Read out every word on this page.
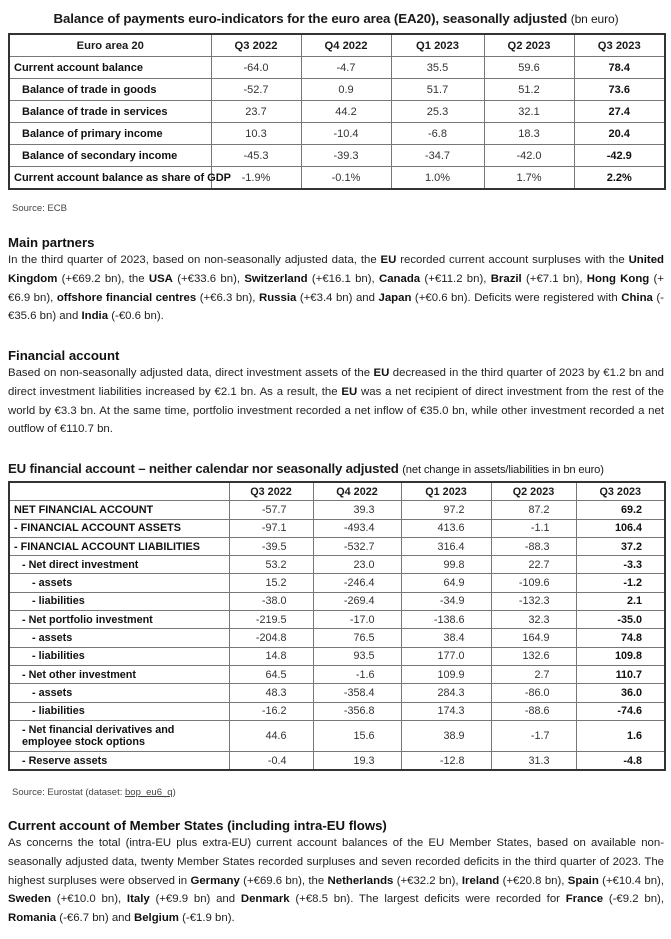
Balance of payments euro-indicators for the euro area (EA20), seasonally adjusted (bn euro)
Euro area 20	Q3 2022	Q4 2022	Q1 2023	Q2 2023	Q3 2023
Current account balance	-64.0	-4.7	35.5	59.6	78.4
Balance of trade in goods	-52.7	0.9	51.7	51.2	73.6
Balance of trade in services	23.7	44.2	25.3	32.1	27.4
Balance of primary income	10.3	-10.4	-6.8	18.3	20.4
Balance of secondary income	-45.3	-39.3	-34.7	-42.0	-42.9
Current account balance as share of GDP	-1.9%	-0.1%	1.0%	1.7%	2.2%
Source: ECB
Main partners

In the third quarter of 2023, based on non-seasonally adjusted data, the EU recorded current account surpluses with the United Kingdom (+€69.2 bn), the USA (+€33.6 bn), Switzerland (+€16.1 bn), Canada (+€11.2 bn), Brazil (+€7.1 bn), Hong Kong (+€6.9 bn), offshore financial centres (+€6.3 bn), Russia (+€3.4 bn) and Japan (+€0.6 bn). Deficits were registered with China (-€35.6 bn) and India (-€0.6 bn).

Financial account

Based on non-seasonally adjusted data, direct investment assets of the EU decreased in the third quarter of 2023 by €1.2 bn and direct investment liabilities increased by €2.1 bn. As a result, the EU was a net recipient of direct investment from the rest of the world by €3.3 bn. At the same time, portfolio investment recorded a net inflow of €35.0 bn, while other investment recorded a net outflow of €110.7 bn.

EU financial account – neither calendar nor seasonally adjusted (net change in assets/liabilities in bn euro)
	Q3 2022	Q4 2022	Q1 2023	Q2 2023	Q3 2023
NET FINANCIAL ACCOUNT	-57.7	39.3	97.2	87.2	69.2
- FINANCIAL ACCOUNT ASSETS	-97.1	-493.4	413.6	-1.1	106.4
- FINANCIAL ACCOUNT LIABILITIES	-39.5	-532.7	316.4	-88.3	37.2
- Net direct investment	53.2	23.0	99.8	22.7	-3.3
- assets	15.2	-246.4	64.9	-109.6	-1.2
- liabilities	-38.0	-269.4	-34.9	-132.3	2.1
- Net portfolio investment	-219.5	-17.0	-138.6	32.3	-35.0
- assets	-204.8	76.5	38.4	164.9	74.8
- liabilities	14.8	93.5	177.0	132.6	109.8
- Net other investment	64.5	-1.6	109.9	2.7	110.7
- assets	48.3	-358.4	284.3	-86.0	36.0
- liabilities	-16.2	-356.8	174.3	-88.6	-74.6
- Net financial derivatives and employee stock options	44.6	15.6	38.9	-1.7	1.6
- Reserve assets	-0.4	19.3	-12.8	31.3	-4.8
Source: Eurostat (dataset: bop_eu6_q)
Current account of Member States (including intra-EU flows)

As concerns the total (intra-EU plus extra-EU) current account balances of the EU Member States, based on available non-seasonally adjusted data, twenty Member States recorded surpluses and seven recorded deficits in the third quarter of 2023. The highest surpluses were observed in Germany (+€69.6 bn), the Netherlands (+€32.2 bn), Ireland (+€20.8 bn), Spain (+€10.4 bn), Sweden (+€10.0 bn), Italy (+€9.9 bn) and Denmark (+€8.5 bn). The largest deficits were recorded for France (-€9.2 bn), Romania (-€6.7 bn) and Belgium (-€1.9 bn).
